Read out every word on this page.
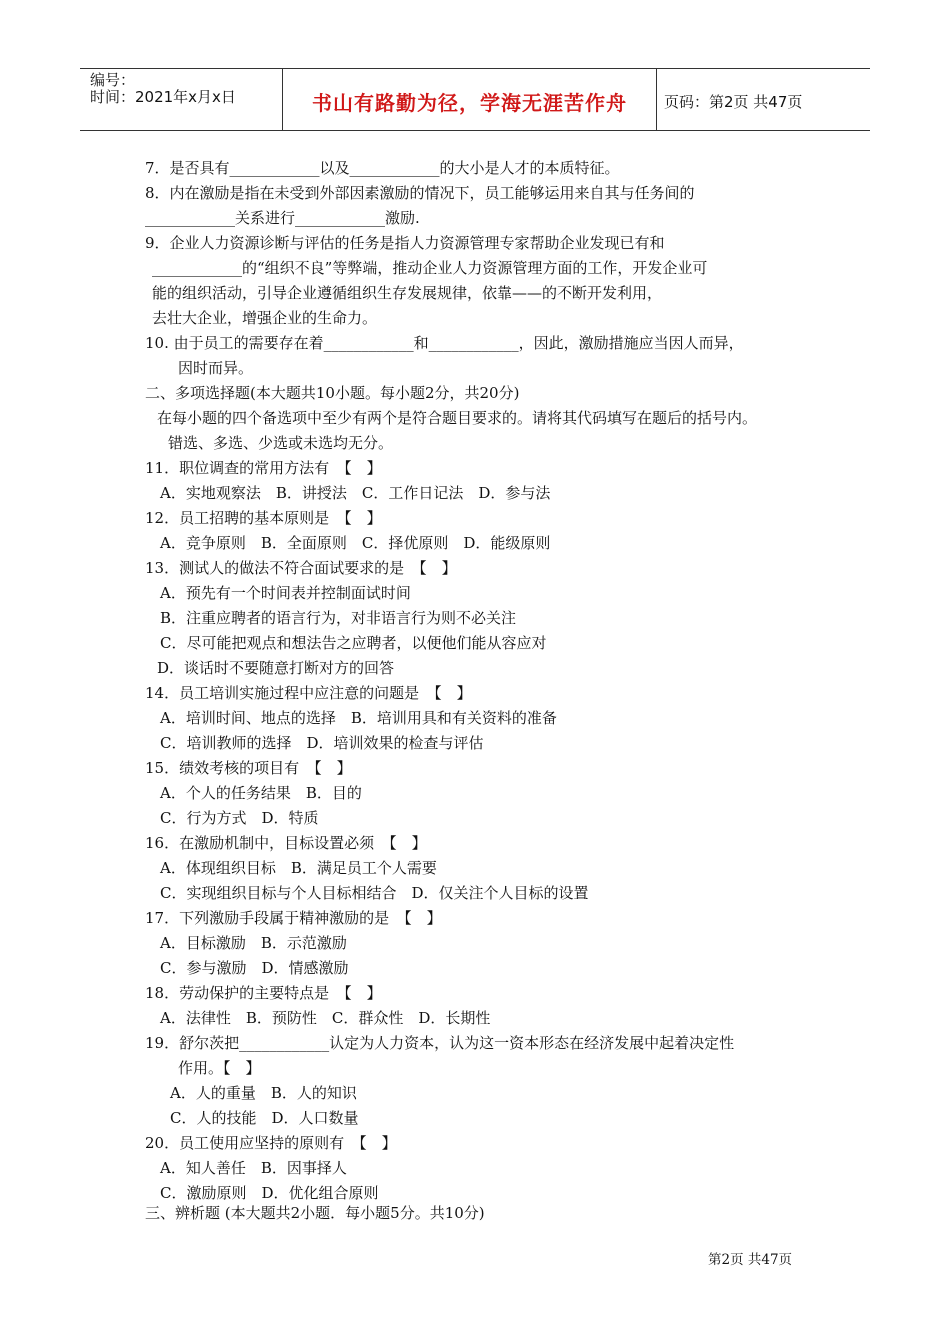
编号：
时间：2021年x月x日	书山有路勤为径，学海无涯苦作舟	页码：第2页 共47页
7．是否具有____________以及____________的大小是人才的本质特征。
8．内在激励是指在未受到外部因素激励的情况下，员工能够运用来自其与任务间的
____________关系进行____________激励.
9．企业人力资源诊断与评估的任务是指人力资源管理专家帮助企业发现已有和
____________的“组织不良”等弊端，推动企业人力资源管理方面的工作，开发企业可
能的组织活动，引导企业遵循组织生存发展规律，依靠——的不断开发利用，
去壮大企业，增强企业的生命力。
10. 由于员工的需要存在着____________和____________，因此，激励措施应当因人而异，
因时而异。
二、多项选择题(本大题共10小题。每小题2分，共20分)
在每小题的四个备选项中至少有两个是符合题目要求的。请将其代码填写在题后的括号内。
错选、多选、少选或未选均无分。
11．职位调查的常用方法有　【　】
A．实地观察法　B．讲授法　C．工作日记法　D．参与法
12．员工招聘的基本原则是　【　】
A．竞争原则　B．全面原则　C．择优原则　D．能级原则
13．测试人的做法不符合面试要求的是　【　】
A．预先有一个时间表并控制面试时间
B．注重应聘者的语言行为，对非语言行为则不必关注
C．尽可能把观点和想法告之应聘者，以便他们能从容应对
D．谈话时不要随意打断对方的回答
14．员工培训实施过程中应注意的问题是　【　】
A．培训时间、地点的选择　B．培训用具和有关资料的准备
C．培训教师的选择　D．培训效果的检查与评估
15．绩效考核的项目有　【　】
A．个人的任务结果　B．目的
C．行为方式　D．特质
16．在激励机制中，目标设置必须　【　】
A．体现组织目标　B．满足员工个人需要
C．实现组织目标与个人目标相结合　D．仅关注个人目标的设置
17．下列激励手段属于精神激励的是　【　】
A．目标激励　B．示范激励
C．参与激励　D．情感激励
18．劳动保护的主要特点是　【　】
A．法律性　B．预防性　C．群众性　D．长期性
19．舒尔茨把____________认定为人力资本，认为这一资本形态在经济发展中起着决定性
作用。【　】
A．人的重量　B．人的知识
C．人的技能　D．人口数量
20．员工使用应坚持的原则有　【　】
A．知人善任　B．因事择人
C．激励原则　D．优化组合原则
三、辨析题 (本大题共2小题．每小题5分。共10分)
第2页 共47页
